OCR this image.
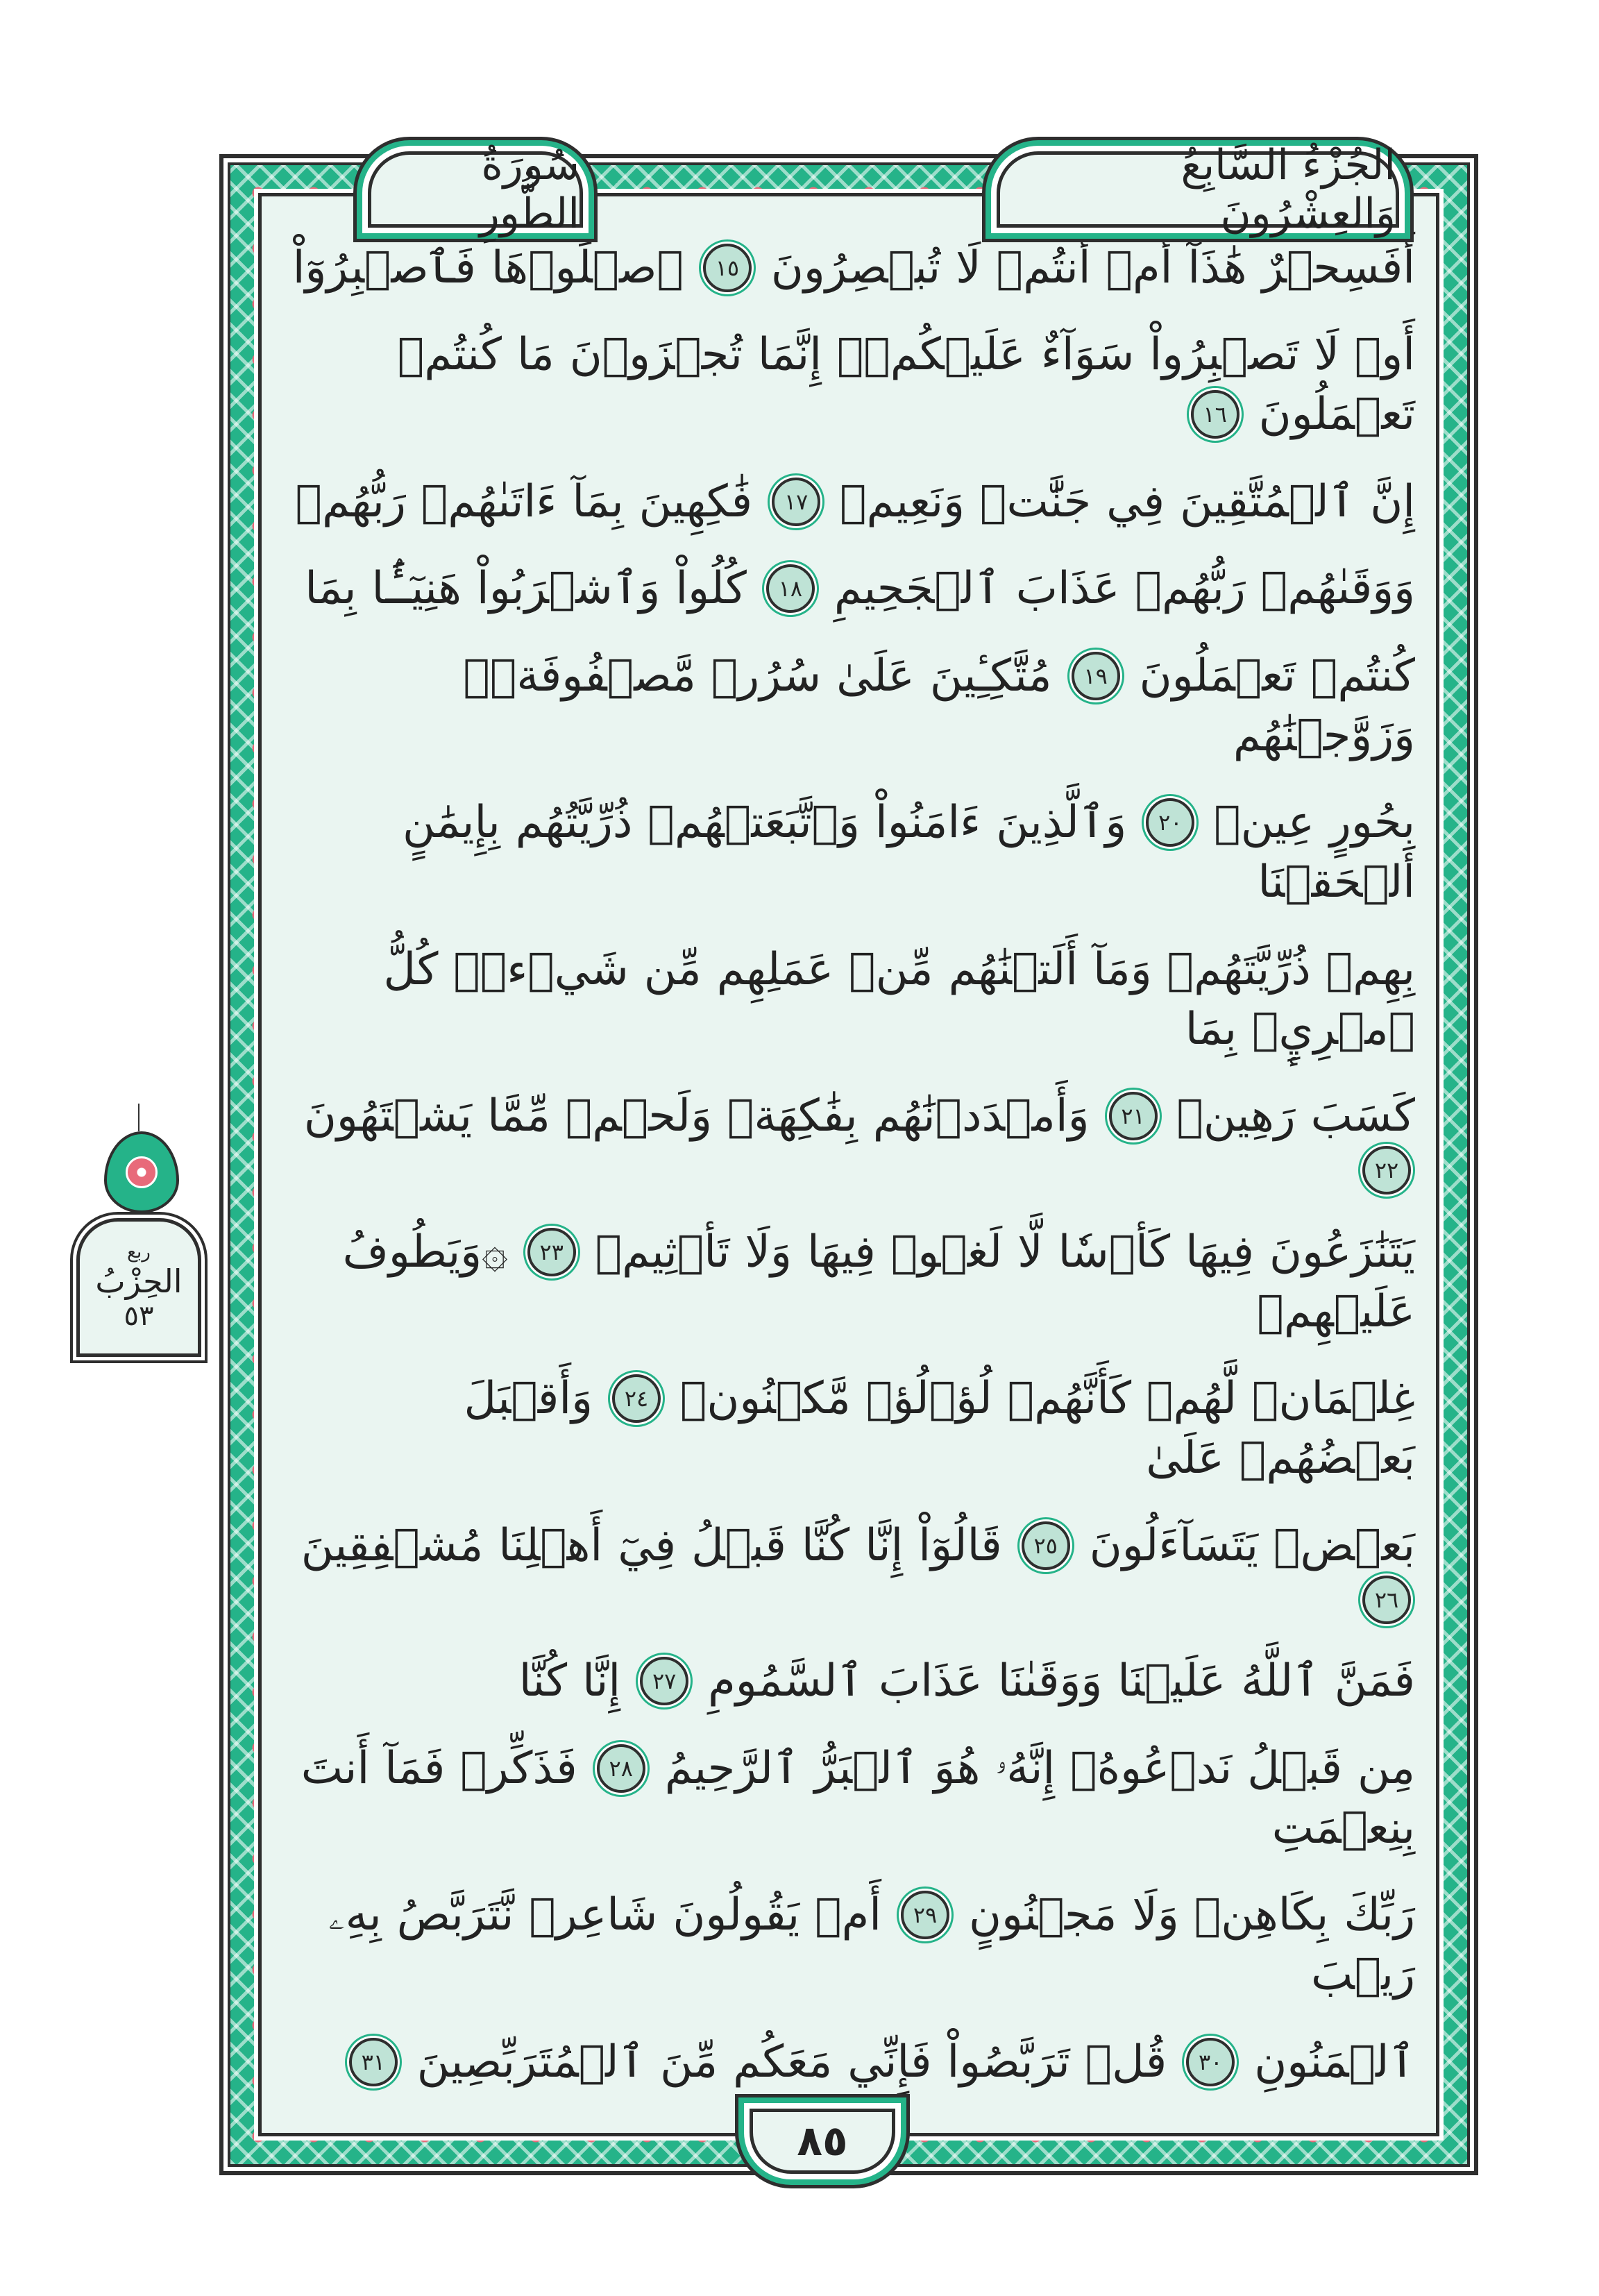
أَفَسِحۡرٌ
هَٰذَآ
أَمۡ
أَنتُمۡ
لَا
تُبۡصِرُونَ
١٥
ٱصۡلَوۡهَا
فَٱصۡبِرُوٓاْ
أَوۡ
لَا
تَصۡبِرُواْ
سَوَآءٌ
عَلَيۡكُمۡۖ
إِنَّمَا
تُجۡزَوۡنَ
مَا
كُنتُمۡ
تَعۡمَلُونَ
١٦
إِنَّ
ٱلۡمُتَّقِينَ
فِي
جَنَّٰتٖ
وَنَعِيمٖ
١٧
فَٰكِهِينَ
بِمَآ
ءَاتَىٰهُمۡ
رَبُّهُمۡ
وَوَقَىٰهُمۡ
رَبُّهُمۡ
عَذَابَ
ٱلۡجَحِيمِ
١٨
كُلُواْ
وَٱشۡرَبُواْ
هَنِيٓـَٔۢا
بِمَا
كُنتُمۡ
تَعۡمَلُونَ
١٩
مُتَّكِـِٔينَ
عَلَىٰ
سُرُرٖ
مَّصۡفُوفَةٖۖ
وَزَوَّجۡنَٰهُم
بِحُورٍ
عِينٖ
٢٠
وَٱلَّذِينَ
ءَامَنُواْ
وَٱتَّبَعَتۡهُمۡ
ذُرِّيَّتُهُم
بِإِيمَٰنٍ
أَلۡحَقۡنَا
بِهِمۡ
ذُرِّيَّتَهُمۡ
وَمَآ
أَلَتۡنَٰهُم
مِّنۡ
عَمَلِهِم
مِّن
شَيۡءٖۚ
كُلُّ
ٱمۡرِيِٕۭ
بِمَا
كَسَبَ
رَهِينٞ
٢١
وَأَمۡدَدۡنَٰهُم
بِفَٰكِهَةٖ
وَلَحۡمٖ
مِّمَّا
يَشۡتَهُونَ
٢٢
يَتَنَٰزَعُونَ
فِيهَا
كَأۡسٗا
لَّا
لَغۡوٞ
فِيهَا
وَلَا
تَأۡثِيمٞ
٢٣
۞وَيَطُوفُ
عَلَيۡهِمۡ
غِلۡمَانٞ
لَّهُمۡ
كَأَنَّهُمۡ
لُؤۡلُؤٞ
مَّكۡنُونٞ
٢٤
وَأَقۡبَلَ
بَعۡضُهُمۡ
عَلَىٰ
بَعۡضٖ
يَتَسَآءَلُونَ
٢٥
قَالُوٓاْ
إِنَّا
كُنَّا
قَبۡلُ
فِيٓ
أَهۡلِنَا
مُشۡفِقِينَ
٢٦
فَمَنَّ
ٱللَّهُ
عَلَيۡنَا
وَوَقَىٰنَا
عَذَابَ
ٱلسَّمُومِ
٢٧
إِنَّا
كُنَّا
مِن
قَبۡلُ
نَدۡعُوهُۖ
إِنَّهُۥ
هُوَ
ٱلۡبَرُّ
ٱلرَّحِيمُ
٢٨
فَذَكِّرۡ
فَمَآ
أَنتَ
بِنِعۡمَتِ
رَبِّكَ
بِكَاهِنٖ
وَلَا
مَجۡنُونٍ
٢٩
أَمۡ
يَقُولُونَ
شَاعِرٞ
نَّتَرَبَّصُ
بِهِۦ
رَيۡبَ
ٱلۡمَنُونِ
٣٠
قُلۡ
تَرَبَّصُواْ
فَإِنِّي
مَعَكُم
مِّنَ
ٱلۡمُتَرَبِّصِينَ
٣١
سُورَةُ الطُّورِ
الجُزْءُ السَّابِعُ وَالعِشْرُونَ
٨٥
ربع
الحِزْبُ
٥٣
